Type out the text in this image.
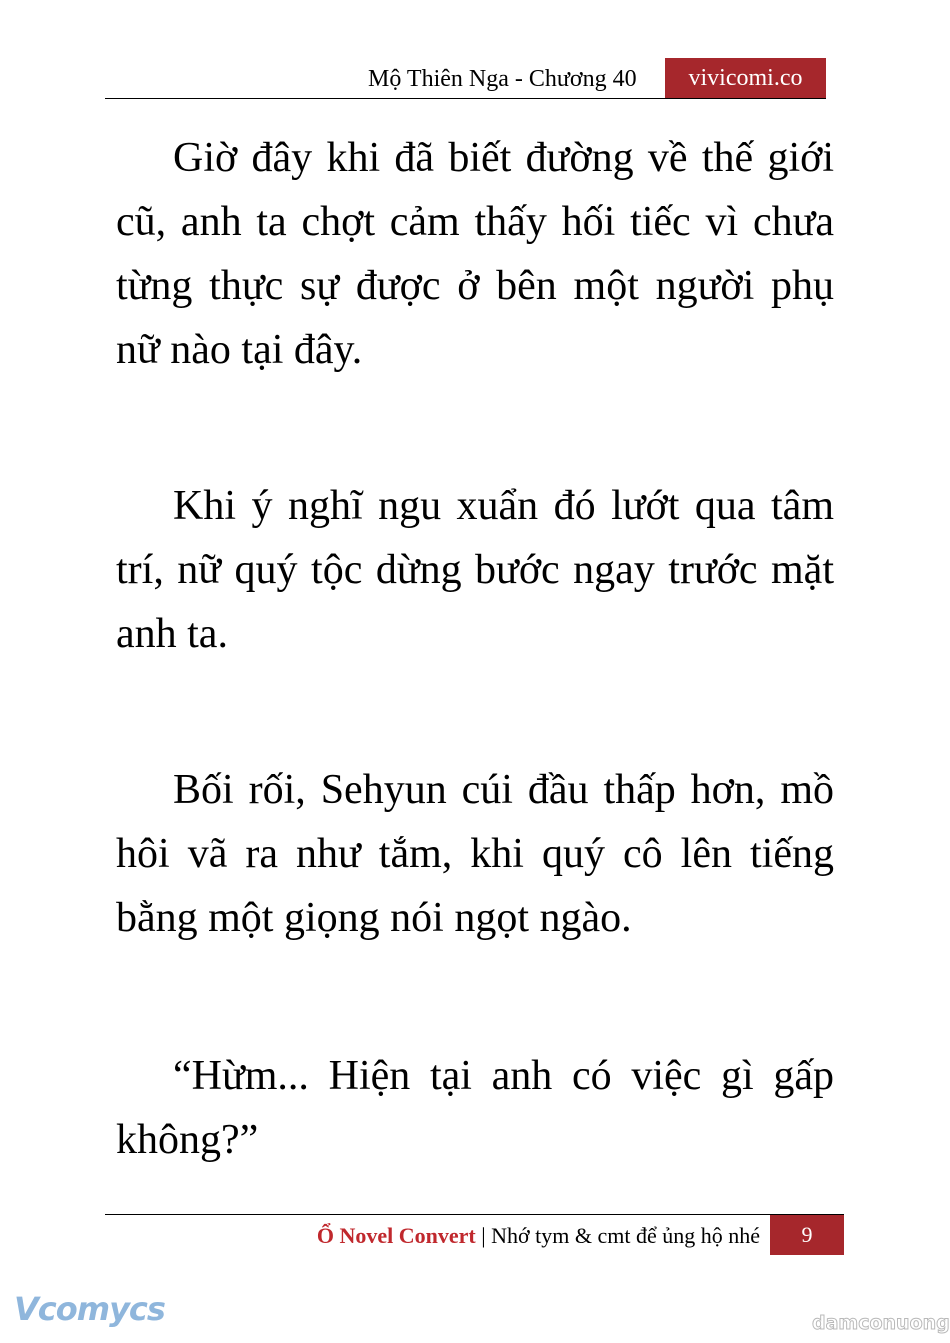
Mộ Thiên Nga - Chương 40	vivicomi.co

Giờ đây khi đã biết đường về thế giới cũ, anh ta chợt cảm thấy hối tiếc vì chưa từng thực sự được ở bên một người phụ nữ nào tại đây.

Khi ý nghĩ ngu xuẩn đó lướt qua tâm trí, nữ quý tộc dừng bước ngay trước mặt anh ta.

Bối rối, Sehyun cúi đầu thấp hơn, mồ hôi vã ra như tắm, khi quý cô lên tiếng bằng một giọng nói ngọt ngào.

“Hừm... Hiện tại anh có việc gì gấp không?”

Ổ Novel Convert | Nhớ tym & cmt để ủng hộ nhé	9
Vcomycs	damconuong
